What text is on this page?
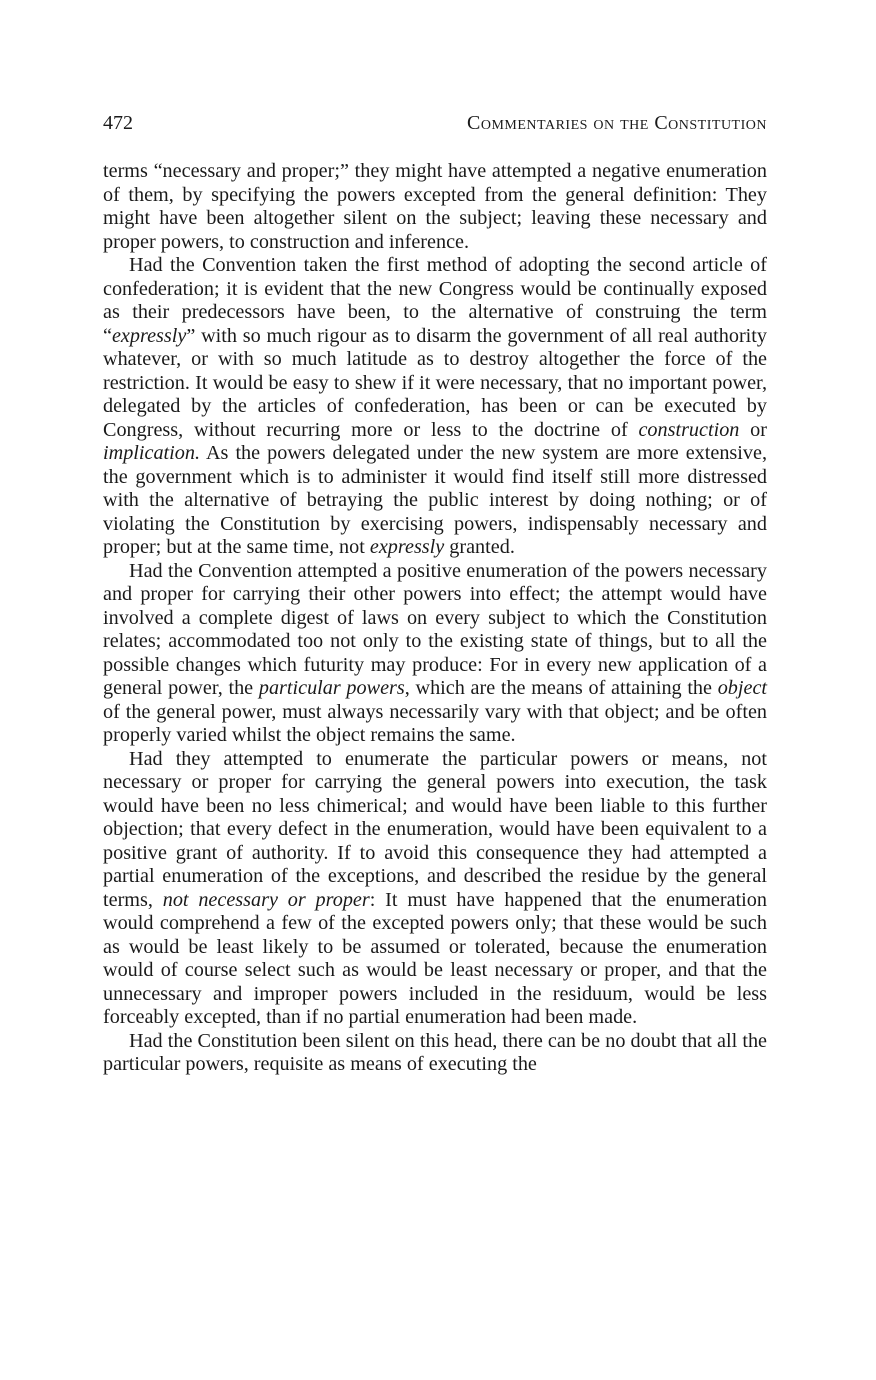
472	Commentaries on the Constitution

terms “necessary and proper;” they might have attempted a negative enumeration of them, by specifying the powers excepted from the general definition: They might have been altogether silent on the subject; leaving these necessary and proper powers, to construction and inference.

Had the Convention taken the first method of adopting the second article of confederation; it is evident that the new Congress would be continually exposed as their predecessors have been, to the alternative of construing the term “expressly” with so much rigour as to disarm the government of all real authority whatever, or with so much latitude as to destroy altogether the force of the restriction. It would be easy to shew if it were necessary, that no important power, delegated by the articles of confederation, has been or can be executed by Congress, without recurring more or less to the doctrine of construction or implication. As the powers delegated under the new system are more extensive, the government which is to administer it would find itself still more distressed with the alternative of betraying the public interest by doing nothing; or of violating the Constitution by exercising powers, indispensably necessary and proper; but at the same time, not expressly granted.

Had the Convention attempted a positive enumeration of the powers necessary and proper for carrying their other powers into effect; the attempt would have involved a complete digest of laws on every subject to which the Constitution relates; accommodated too not only to the existing state of things, but to all the possible changes which futurity may produce: For in every new application of a general power, the particular powers, which are the means of attaining the object of the general power, must always necessarily vary with that object; and be often properly varied whilst the object remains the same.

Had they attempted to enumerate the particular powers or means, not necessary or proper for carrying the general powers into execution, the task would have been no less chimerical; and would have been liable to this further objection; that every defect in the enumeration, would have been equivalent to a positive grant of authority. If to avoid this consequence they had attempted a partial enumeration of the exceptions, and described the residue by the general terms, not necessary or proper: It must have happened that the enumeration would comprehend a few of the excepted powers only; that these would be such as would be least likely to be assumed or tolerated, because the enumeration would of course select such as would be least necessary or proper, and that the unnecessary and improper powers included in the residuum, would be less forceably excepted, than if no partial enumeration had been made.

Had the Constitution been silent on this head, there can be no doubt that all the particular powers, requisite as means of executing the
